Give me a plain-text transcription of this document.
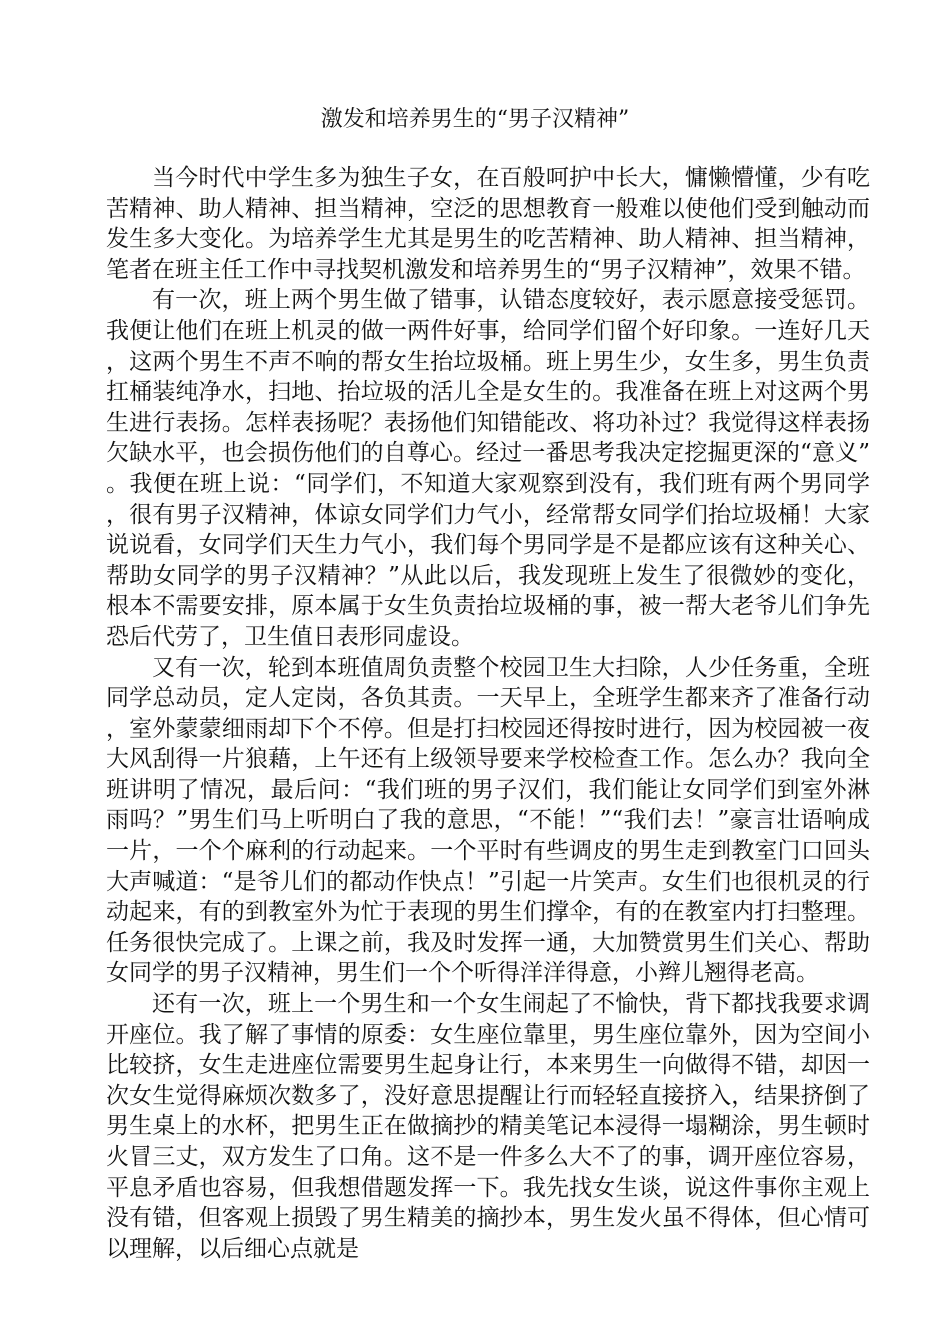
激发和培养男生的“男子汉精神”

当今时代中学生多为独生子女，在百般呵护中长大，慵懒懵懂，少有吃苦精神、助人精神、担当精神，空泛的思想教育一般难以使他们受到触动而发生多大变化。为培养学生尤其是男生的吃苦精神、助人精神、担当精神，笔者在班主任工作中寻找契机激发和培养男生的“男子汉精神”，效果不错。

有一次，班上两个男生做了错事，认错态度较好，表示愿意接受惩罚。我便让他们在班上机灵的做一两件好事，给同学们留个好印象。一连好几天，这两个男生不声不响的帮女生抬垃圾桶。班上男生少，女生多，男生负责扛桶装纯净水，扫地、抬垃圾的活儿全是女生的。我准备在班上对这两个男生进行表扬。怎样表扬呢？表扬他们知错能改、将功补过？我觉得这样表扬欠缺水平，也会损伤他们的自尊心。经过一番思考我决定挖掘更深的“意义”。我便在班上说：“同学们，不知道大家观察到没有，我们班有两个男同学，很有男子汉精神，体谅女同学们力气小，经常帮女同学们抬垃圾桶！大家说说看，女同学们天生力气小，我们每个男同学是不是都应该有这种关心、帮助女同学的男子汉精神？”从此以后，我发现班上发生了很微妙的变化，根本不需要安排，原本属于女生负责抬垃圾桶的事，被一帮大老爷儿们争先恐后代劳了，卫生值日表形同虚设。

又有一次，轮到本班值周负责整个校园卫生大扫除，人少任务重，全班同学总动员，定人定岗，各负其责。一天早上，全班学生都来齐了准备行动，室外蒙蒙细雨却下个不停。但是打扫校园还得按时进行，因为校园被一夜大风刮得一片狼藉，上午还有上级领导要来学校检查工作。怎么办？我向全班讲明了情况，最后问：“我们班的男子汉们，我们能让女同学们到室外淋雨吗？”男生们马上听明白了我的意思，“不能！”“我们去！”豪言壮语响成一片，一个个麻利的行动起来。一个平时有些调皮的男生走到教室门口回头大声喊道：“是爷儿们的都动作快点！”引起一片笑声。女生们也很机灵的行动起来，有的到教室外为忙于表现的男生们撑伞，有的在教室内打扫整理。任务很快完成了。上课之前，我及时发挥一通，大加赞赏男生们关心、帮助女同学的男子汉精神，男生们一个个听得洋洋得意，小辫儿翘得老高。

还有一次，班上一个男生和一个女生闹起了不愉快，背下都找我要求调开座位。我了解了事情的原委：女生座位靠里，男生座位靠外，因为空间小比较挤，女生走进座位需要男生起身让行，本来男生一向做得不错，却因一次女生觉得麻烦次数多了，没好意思提醒让行而轻轻直接挤入，结果挤倒了男生桌上的水杯，把男生正在做摘抄的精美笔记本浸得一塌糊涂，男生顿时火冒三丈，双方发生了口角。这不是一件多么大不了的事，调开座位容易，平息矛盾也容易，但我想借题发挥一下。我先找女生谈，说这件事你主观上没有错，但客观上损毁了男生精美的摘抄本，男生发火虽不得体，但心情可以理解，以后细心点就是
